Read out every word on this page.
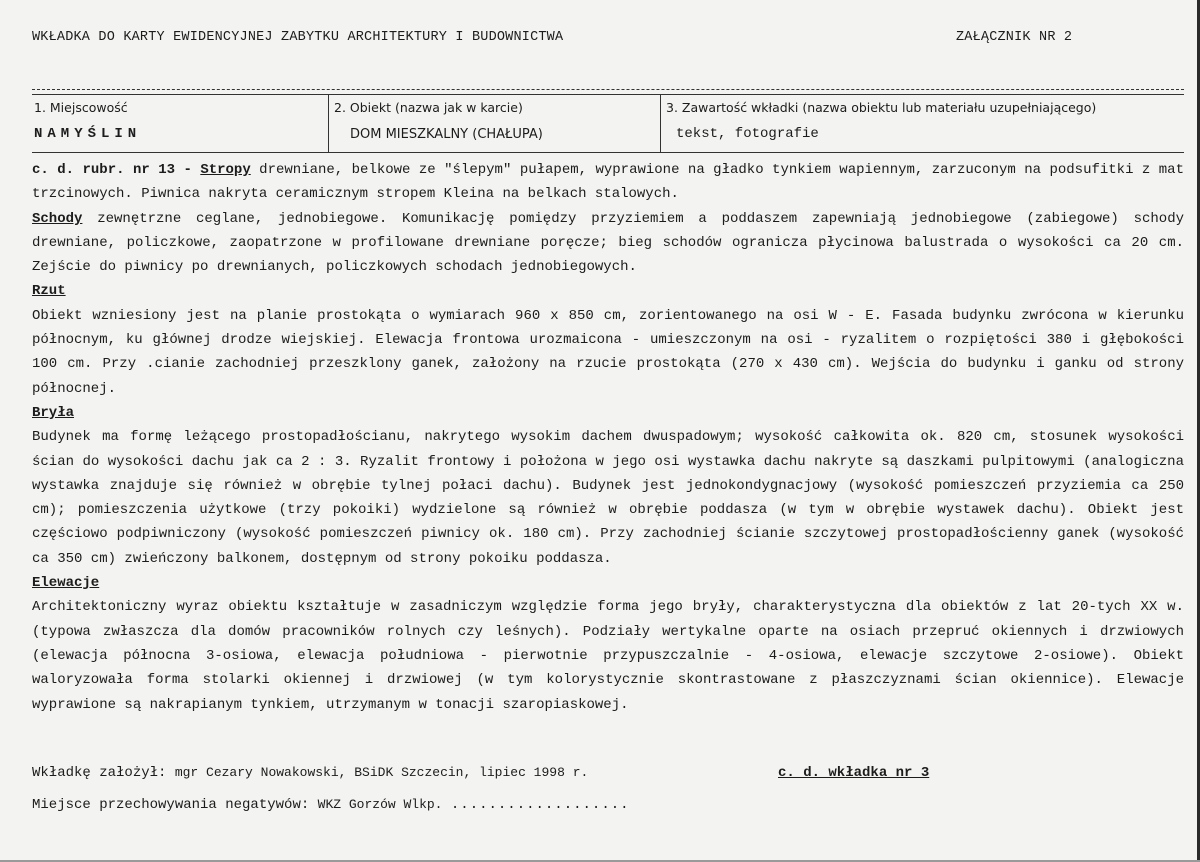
WKŁADKA DO KARTY EWIDENCYJNEJ ZABYTKU ARCHITEKTURY I BUDOWNICTWA	ZAŁĄCZNIK NR 2
1. Miejscowość
NAMYŚLIN
2. Obiekt (nazwa jak w karcie)
DOM MIESZKALNY (CHAŁUPA)
3. Zawartość wkładki (nazwa obiektu lub materiału uzupełniającego)
tekst, fotografie

c. d. rubr. nr 13 - Stropy drewniane, belkowe ze "ślepym" pułapem, wyprawione na gładko tynkiem wapiennym, zarzuconym na podsufitki z mat trzcinowych. Piwnica nakryta ceramicznym stropem Kleina na belkach stalowych.

Schody zewnętrzne ceglane, jednobiegowe. Komunikację pomiędzy przyziemiem a poddaszem zapewniają jednobiegowe (zabiegowe) schody drewniane, policzkowe, zaopatrzone w profilowane drewniane poręcze; bieg schodów ogranicza płycinowa balustrada o wysokości ca 20 cm. Zejście do piwnicy po drewnianych, policzkowych schodach jednobiegowych.

Rzut

Obiekt wzniesiony jest na planie prostokąta o wymiarach 960 x 850 cm, zorientowanego na osi W - E. Fasada budynku zwrócona w kierunku północnym, ku głównej drodze wiejskiej. Elewacja frontowa urozmaicona - umieszczonym na osi - ryzalitem o rozpiętości 380 i głębokości 100 cm. Przy .cianie zachodniej przeszklony ganek, założony na rzucie prostokąta (270 x 430 cm). Wejścia do budynku i ganku od strony północnej.

Bryła

Budynek ma formę leżącego prostopadłościanu, nakrytego wysokim dachem dwuspadowym; wysokość całkowita ok. 820 cm, stosunek wysokości ścian do wysokości dachu jak ca 2 : 3. Ryzalit frontowy i położona w jego osi wystawka dachu nakryte są daszkami pulpitowymi (analogiczna wystawka znajduje się również w obrębie tylnej połaci dachu). Budynek jest jednokondygnacjowy (wysokość pomieszczeń przyziemia ca 250 cm); pomieszczenia użytkowe (trzy pokoiki) wydzielone są również w obrębie poddasza (w tym w obrębie wystawek dachu). Obiekt jest częściowo podpiwniczony (wysokość pomieszczeń piwnicy ok. 180 cm). Przy zachodniej ścianie szczytowej prostopadłościenny ganek (wysokość ca 350 cm) zwieńczony balkonem, dostępnym od strony pokoiku poddasza.

Elewacje

Architektoniczny wyraz obiektu kształtuje w zasadniczym względzie forma jego bryły, charakterystyczna dla obiektów z lat 20-tych XX w. (typowa zwłaszcza dla domów pracowników rolnych czy leśnych). Podziały wertykalne oparte na osiach przepruć okiennych i drzwiowych (elewacja północna 3-osiowa, elewacja południowa - pierwotnie przypuszczalnie - 4-osiowa, elewacje szczytowe 2-osiowe). Obiekt waloryzowała forma stolarki okiennej i drzwiowej (w tym kolorystycznie skontrastowane z płaszczyznami ścian okiennice). Elewacje wyprawione są nakrapianym tynkiem, utrzymanym w tonacji szaropiaskowej.

Wkładkę założył: mgr Cezary Nowakowski, BSiDK Szczecin, lipiec 1998 r.	c. d. wkładka nr 3
Miejsce przechowywania negatywów: WKZ Gorzów Wlkp. ...................
